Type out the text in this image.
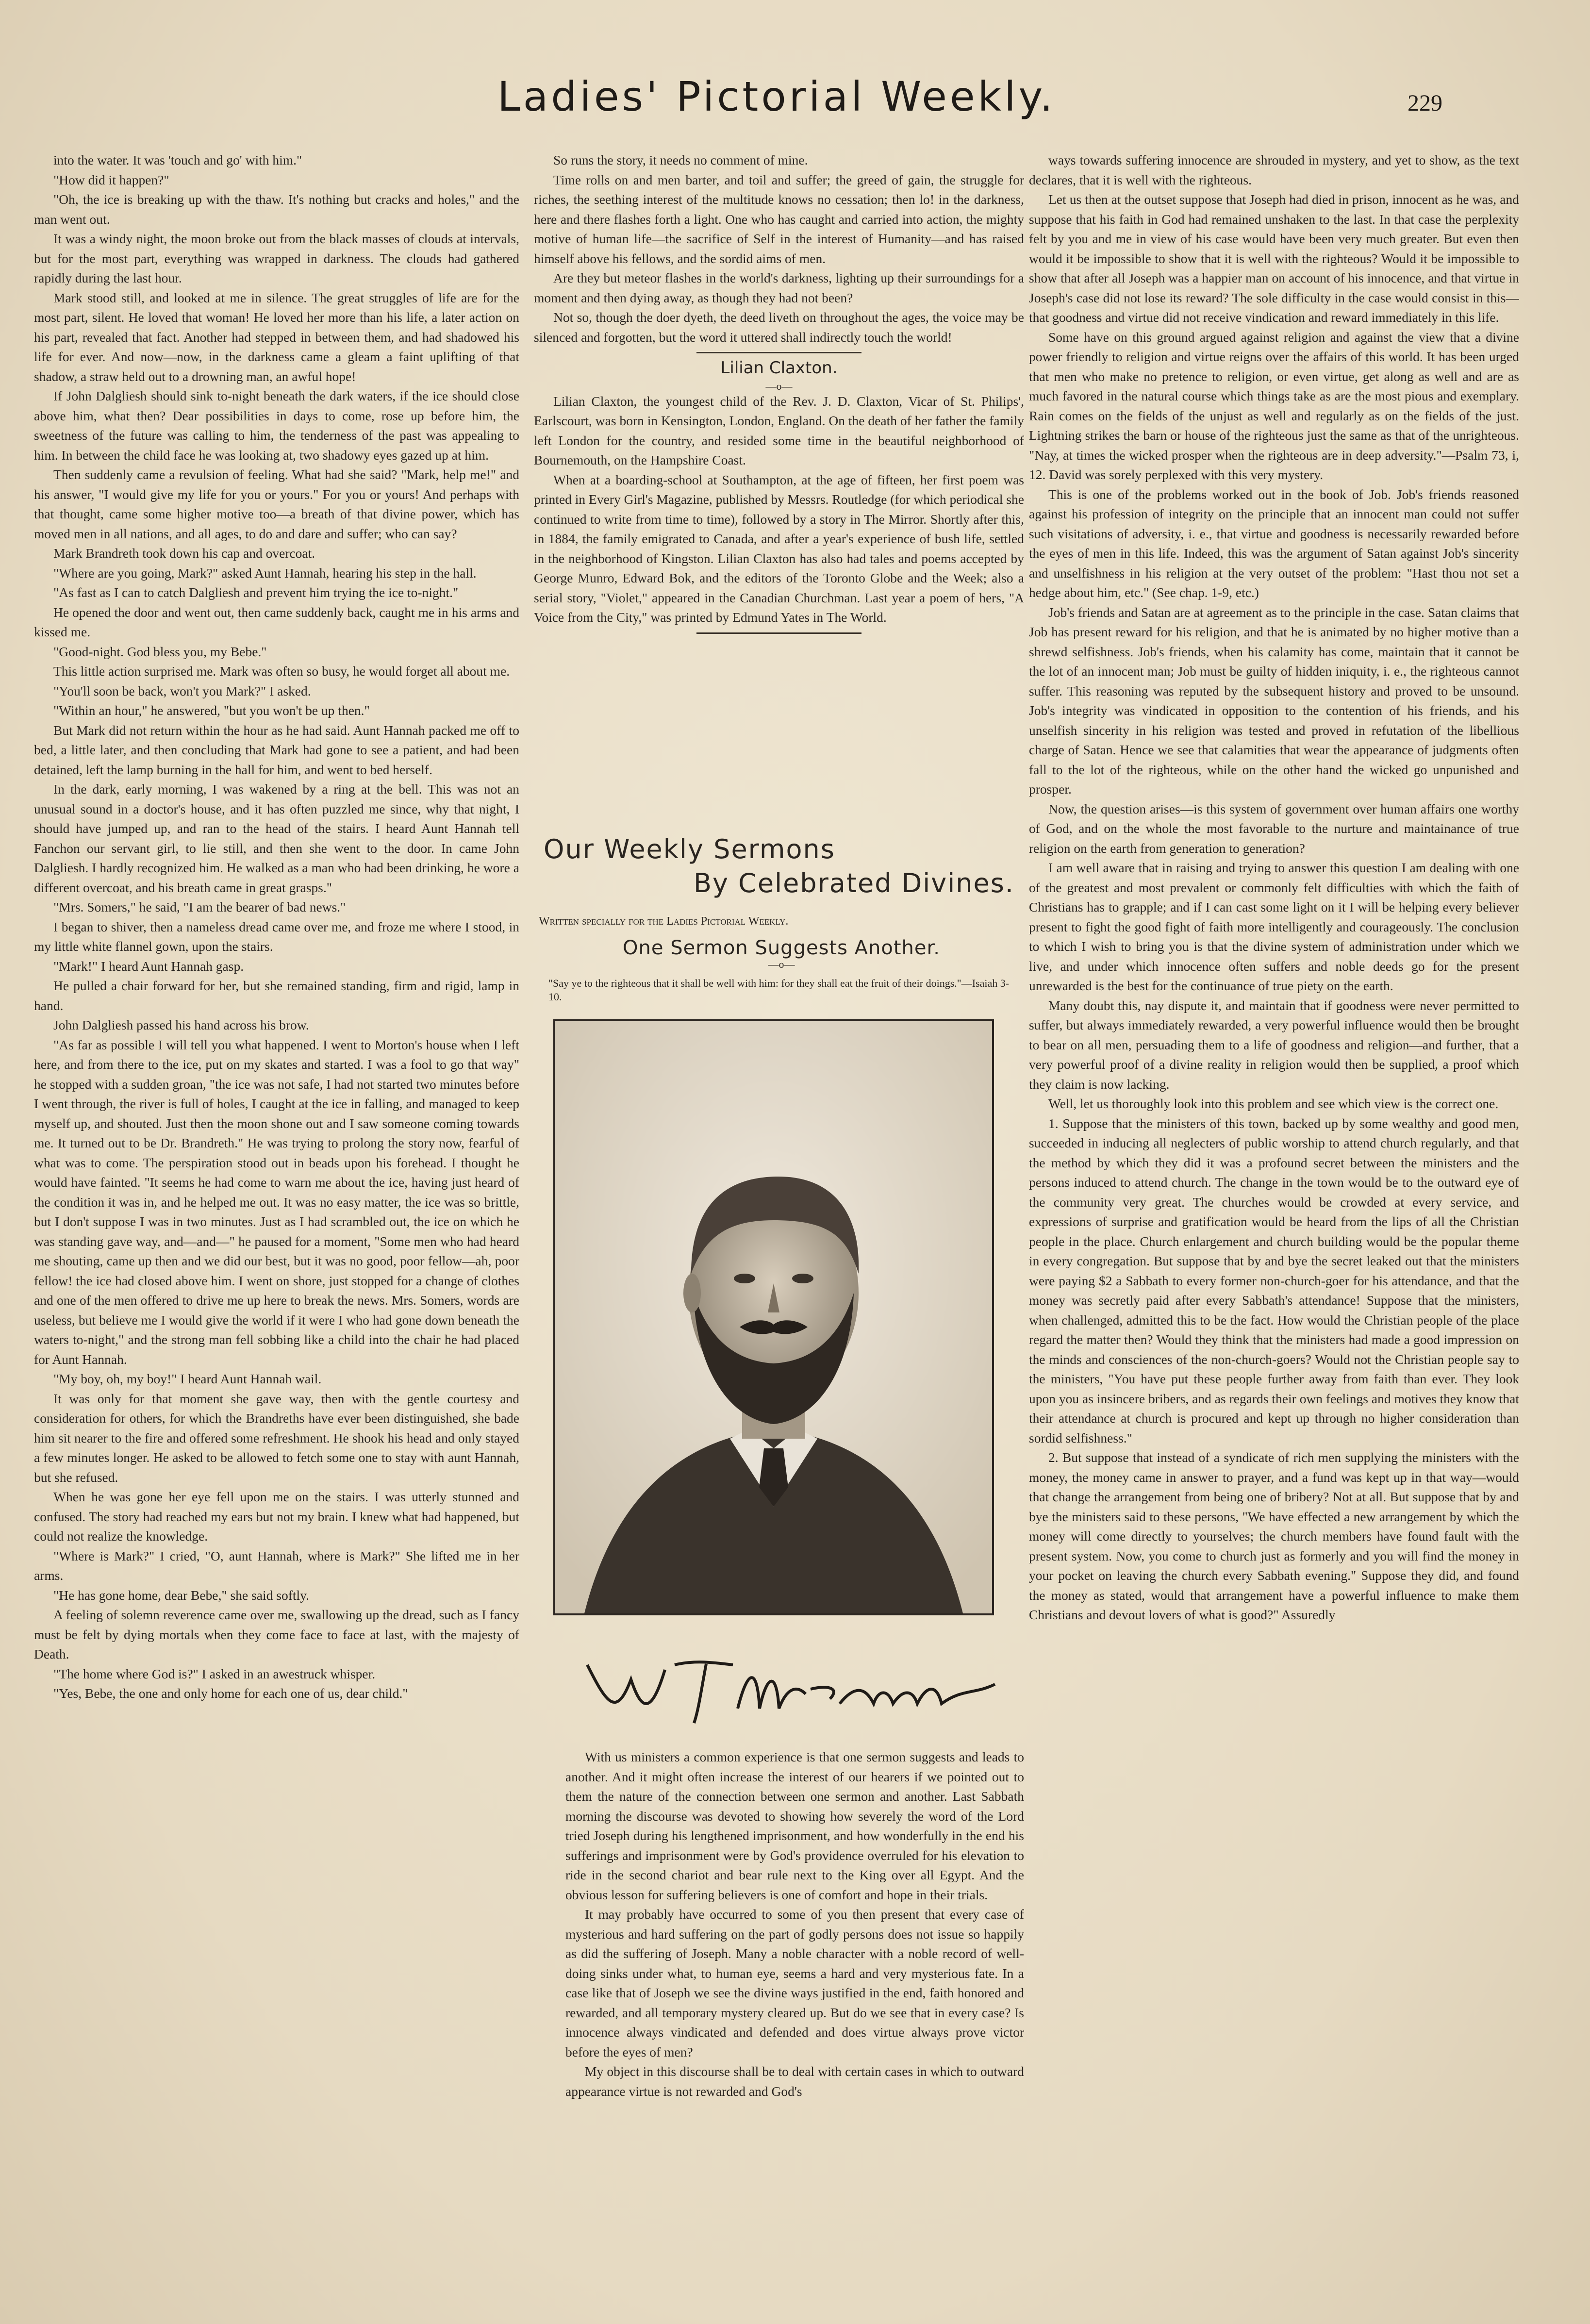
Ladies' Pictorial Weekly.	229

into the water. It was 'touch and go' with him."

"How did it happen?"

"Oh, the ice is breaking up with the thaw. It's nothing but cracks and holes," and the man went out.

It was a windy night, the moon broke out from the black masses of clouds at intervals, but for the most part, everything was wrapped in darkness. The clouds had gathered rapidly during the last hour.

Mark stood still, and looked at me in silence. The great struggles of life are for the most part, silent. He loved that woman! He loved her more than his life, a later action on his part, revealed that fact. Another had stepped in between them, and had shadowed his life for ever. And now—now, in the darkness came a gleam a faint uplifting of that shadow, a straw held out to a drowning man, an awful hope!

If John Dalgliesh should sink to-night beneath the dark waters, if the ice should close above him, what then? Dear possibilities in days to come, rose up before him, the sweetness of the future was calling to him, the tenderness of the past was appealing to him. In between the child face he was looking at, two shadowy eyes gazed up at him.

Then suddenly came a revulsion of feeling. What had she said? "Mark, help me!" and his answer, "I would give my life for you or yours." For you or yours! And perhaps with that thought, came some higher motive too—a breath of that divine power, which has moved men in all nations, and all ages, to do and dare and suffer; who can say?

Mark Brandreth took down his cap and overcoat.

"Where are you going, Mark?" asked Aunt Hannah, hearing his step in the hall.

"As fast as I can to catch Dalgliesh and prevent him trying the ice to-night."

He opened the door and went out, then came suddenly back, caught me in his arms and kissed me.

"Good-night. God bless you, my Bebe."

This little action surprised me. Mark was often so busy, he would forget all about me.

"You'll soon be back, won't you Mark?" I asked.

"Within an hour," he answered, "but you won't be up then."

But Mark did not return within the hour as he had said. Aunt Hannah packed me off to bed, a little later, and then concluding that Mark had gone to see a patient, and had been detained, left the lamp burning in the hall for him, and went to bed herself.

In the dark, early morning, I was wakened by a ring at the bell. This was not an unusual sound in a doctor's house, and it has often puzzled me since, why that night, I should have jumped up, and ran to the head of the stairs. I heard Aunt Hannah tell Fanchon our servant girl, to lie still, and then she went to the door. In came John Dalgliesh. I hardly recognized him. He walked as a man who had been drinking, he wore a different overcoat, and his breath came in great grasps."

"Mrs. Somers," he said, "I am the bearer of bad news."

I began to shiver, then a nameless dread came over me, and froze me where I stood, in my little white flannel gown, upon the stairs.

"Mark!" I heard Aunt Hannah gasp.

He pulled a chair forward for her, but she remained standing, firm and rigid, lamp in hand.

John Dalgliesh passed his hand across his brow.

"As far as possible I will tell you what happened. I went to Morton's house when I left here, and from there to the ice, put on my skates and started. I was a fool to go that way" he stopped with a sudden groan, "the ice was not safe, I had not started two minutes before I went through, the river is full of holes, I caught at the ice in falling, and managed to keep myself up, and shouted. Just then the moon shone out and I saw someone coming towards me. It turned out to be Dr. Brandreth." He was trying to prolong the story now, fearful of what was to come. The perspiration stood out in beads upon his forehead. I thought he would have fainted. "It seems he had come to warn me about the ice, having just heard of the condition it was in, and he helped me out. It was no easy matter, the ice was so brittle, but I don't suppose I was in two minutes. Just as I had scrambled out, the ice on which he was standing gave way, and—and—" he paused for a moment, "Some men who had heard me shouting, came up then and we did our best, but it was no good, poor fellow—ah, poor fellow! the ice had closed above him. I went on shore, just stopped for a change of clothes and one of the men offered to drive me up here to break the news. Mrs. Somers, words are useless, but believe me I would give the world if it were I who had gone down beneath the waters to-night," and the strong man fell sobbing like a child into the chair he had placed for Aunt Hannah.

"My boy, oh, my boy!" I heard Aunt Hannah wail.

It was only for that moment she gave way, then with the gentle courtesy and consideration for others, for which the Brandreths have ever been distinguished, she bade him sit nearer to the fire and offered some refreshment. He shook his head and only stayed a few minutes longer. He asked to be allowed to fetch some one to stay with aunt Hannah, but she refused.

When he was gone her eye fell upon me on the stairs. I was utterly stunned and confused. The story had reached my ears but not my brain. I knew what had happened, but could not realize the knowledge.

"Where is Mark?" I cried, "O, aunt Hannah, where is Mark?" She lifted me in her arms.

"He has gone home, dear Bebe," she said softly.

A feeling of solemn reverence came over me, swallowing up the dread, such as I fancy must be felt by dying mortals when they come face to face at last, with the majesty of Death.

"The home where God is?" I asked in an awestruck whisper.

"Yes, Bebe, the one and only home for each one of us, dear child."

So runs the story, it needs no comment of mine.

Time rolls on and men barter, and toil and suffer; the greed of gain, the struggle for riches, the seething interest of the multitude knows no cessation; then lo! in the darkness, here and there flashes forth a light. One who has caught and carried into action, the mighty motive of human life—the sacrifice of Self in the interest of Humanity—and has raised himself above his fellows, and the sordid aims of men.

Are they but meteor flashes in the world's darkness, lighting up their surroundings for a moment and then dying away, as though they had not been?

Not so, though the doer dyeth, the deed liveth on throughout the ages, the voice may be silenced and forgotten, but the word it uttered shall indirectly touch the world!

Lilian Claxton.
—o—

Lilian Claxton, the youngest child of the Rev. J. D. Claxton, Vicar of St. Philips', Earlscourt, was born in Kensington, London, England. On the death of her father the family left London for the country, and resided some time in the beautiful neighborhood of Bournemouth, on the Hampshire Coast.

When at a boarding-school at Southampton, at the age of fifteen, her first poem was printed in Every Girl's Magazine, published by Messrs. Routledge (for which periodical she continued to write from time to time), followed by a story in The Mirror. Shortly after this, in 1884, the family emigrated to Canada, and after a year's experience of bush life, settled in the neighborhood of Kingston. Lilian Claxton has also had tales and poems accepted by George Munro, Edward Bok, and the editors of the Toronto Globe and the Week; also a serial story, "Violet," appeared in the Canadian Churchman. Last year a poem of hers, "A Voice from the City," was printed by Edmund Yates in The World.

Our Weekly Sermons
By Celebrated Divines.
Written specially for the Ladies Pictorial Weekly.
One Sermon Suggests Another.
—o—
"Say ye to the righteous that it shall be well with him: for they shall eat the fruit of their doings."—Isaiah 3-10.

With us ministers a common experience is that one sermon suggests and leads to another. And it might often increase the interest of our hearers if we pointed out to them the nature of the connection between one sermon and another. Last Sabbath morning the discourse was devoted to showing how severely the word of the Lord tried Joseph during his lengthened imprisonment, and how wonderfully in the end his sufferings and imprisonment were by God's providence overruled for his elevation to ride in the second chariot and bear rule next to the King over all Egypt. And the obvious lesson for suffering believers is one of comfort and hope in their trials.

It may probably have occurred to some of you then present that every case of mysterious and hard suffering on the part of godly persons does not issue so happily as did the suffering of Joseph. Many a noble character with a noble record of well-doing sinks under what, to human eye, seems a hard and very mysterious fate. In a case like that of Joseph we see the divine ways justified in the end, faith honored and rewarded, and all temporary mystery cleared up. But do we see that in every case? Is innocence always vindicated and defended and does virtue always prove victor before the eyes of men?

My object in this discourse shall be to deal with certain cases in which to outward appearance virtue is not rewarded and God's

ways towards suffering innocence are shrouded in mystery, and yet to show, as the text declares, that it is well with the righteous.

Let us then at the outset suppose that Joseph had died in prison, innocent as he was, and suppose that his faith in God had remained unshaken to the last. In that case the perplexity felt by you and me in view of his case would have been very much greater. But even then would it be impossible to show that it is well with the righteous? Would it be impossible to show that after all Joseph was a happier man on account of his innocence, and that virtue in Joseph's case did not lose its reward? The sole difficulty in the case would consist in this—that goodness and virtue did not receive vindication and reward immediately in this life.

Some have on this ground argued against religion and against the view that a divine power friendly to religion and virtue reigns over the affairs of this world. It has been urged that men who make no pretence to religion, or even virtue, get along as well and are as much favored in the natural course which things take as are the most pious and exemplary. Rain comes on the fields of the unjust as well and regularly as on the fields of the just. Lightning strikes the barn or house of the righteous just the same as that of the unrighteous. "Nay, at times the wicked prosper when the righteous are in deep adversity."—Psalm 73, i, 12. David was sorely perplexed with this very mystery.

This is one of the problems worked out in the book of Job. Job's friends reasoned against his profession of integrity on the principle that an innocent man could not suffer such visitations of adversity, i. e., that virtue and goodness is necessarily rewarded before the eyes of men in this life. Indeed, this was the argument of Satan against Job's sincerity and unselfishness in his religion at the very outset of the problem: "Hast thou not set a hedge about him, etc." (See chap. 1-9, etc.)

Job's friends and Satan are at agreement as to the principle in the case. Satan claims that Job has present reward for his religion, and that he is animated by no higher motive than a shrewd selfishness. Job's friends, when his calamity has come, maintain that it cannot be the lot of an innocent man; Job must be guilty of hidden iniquity, i. e., the righteous cannot suffer. This reasoning was reputed by the subsequent history and proved to be unsound. Job's integrity was vindicated in opposition to the contention of his friends, and his unselfish sincerity in his religion was tested and proved in refutation of the libellious charge of Satan. Hence we see that calamities that wear the appearance of judgments often fall to the lot of the righteous, while on the other hand the wicked go unpunished and prosper.

Now, the question arises—is this system of government over human affairs one worthy of God, and on the whole the most favorable to the nurture and maintainance of true religion on the earth from generation to generation?

I am well aware that in raising and trying to answer this question I am dealing with one of the greatest and most prevalent or commonly felt difficulties with which the faith of Christians has to grapple; and if I can cast some light on it I will be helping every believer present to fight the good fight of faith more intelligently and courageously. The conclusion to which I wish to bring you is that the divine system of administration under which we live, and under which innocence often suffers and noble deeds go for the present unrewarded is the best for the continuance of true piety on the earth.

Many doubt this, nay dispute it, and maintain that if goodness were never permitted to suffer, but always immediately rewarded, a very powerful influence would then be brought to bear on all men, persuading them to a life of goodness and religion—and further, that a very powerful proof of a divine reality in religion would then be supplied, a proof which they claim is now lacking.

Well, let us thoroughly look into this problem and see which view is the correct one.

1. Suppose that the ministers of this town, backed up by some wealthy and good men, succeeded in inducing all neglecters of public worship to attend church regularly, and that the method by which they did it was a profound secret between the ministers and the persons induced to attend church. The change in the town would be to the outward eye of the community very great. The churches would be crowded at every service, and expressions of surprise and gratification would be heard from the lips of all the Christian people in the place. Church enlargement and church building would be the popular theme in every congregation. But suppose that by and bye the secret leaked out that the ministers were paying $2 a Sabbath to every former non-church-goer for his attendance, and that the money was secretly paid after every Sabbath's attendance! Suppose that the ministers, when challenged, admitted this to be the fact. How would the Christian people of the place regard the matter then? Would they think that the ministers had made a good impression on the minds and consciences of the non-church-goers? Would not the Christian people say to the ministers, "You have put these people further away from faith than ever. They look upon you as insincere bribers, and as regards their own feelings and motives they know that their attendance at church is procured and kept up through no higher consideration than sordid selfishness."

2. But suppose that instead of a syndicate of rich men supplying the ministers with the money, the money came in answer to prayer, and a fund was kept up in that way—would that change the arrangement from being one of bribery? Not at all. But suppose that by and bye the ministers said to these persons, "We have effected a new arrangement by which the money will come directly to yourselves; the church members have found fault with the present system. Now, you come to church just as formerly and you will find the money in your pocket on leaving the church every Sabbath evening." Suppose they did, and found the money as stated, would that arrangement have a powerful influence to make them Christians and devout lovers of what is good?" Assuredly
